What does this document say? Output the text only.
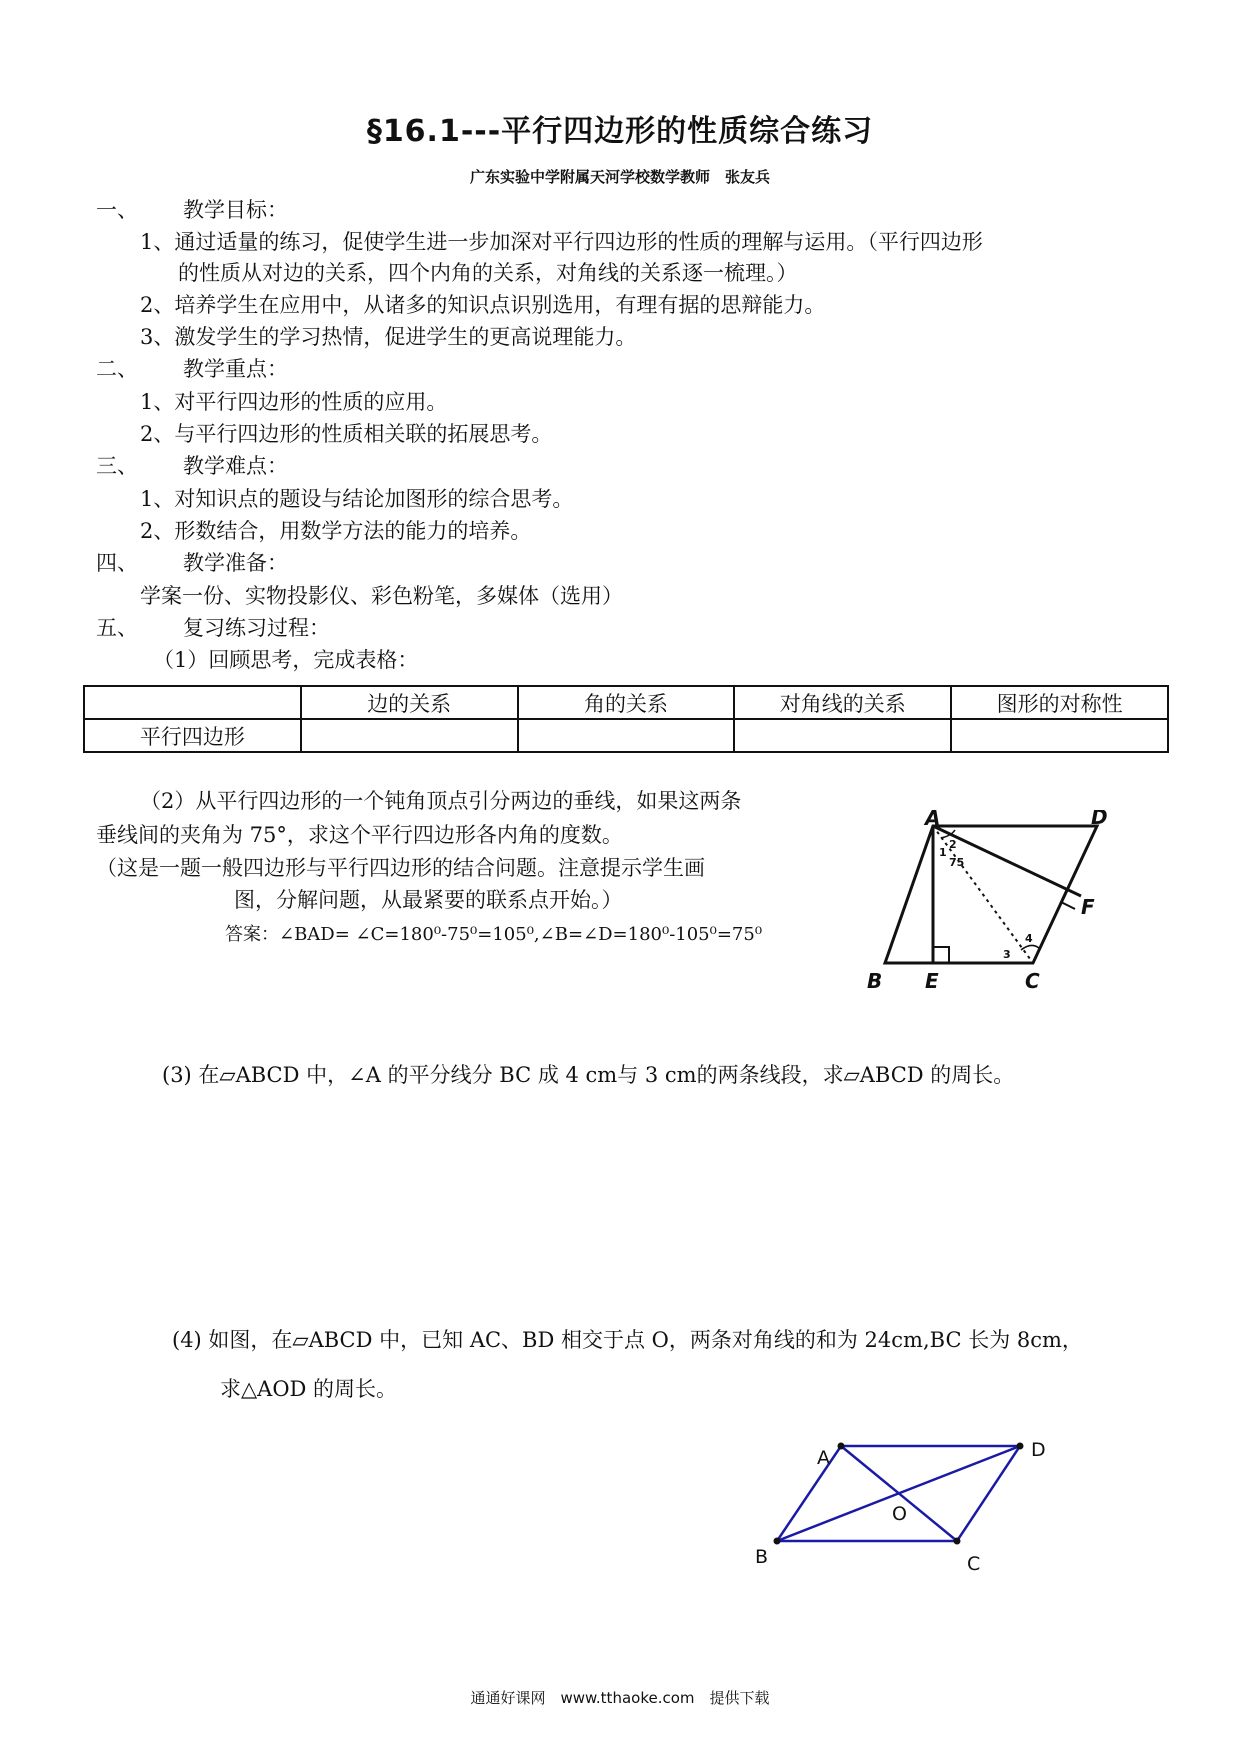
§16.1---平行四边形的性质综合练习
广东实验中学附属天河学校数学教师　张友兵
一、 教学目标：
1、通过适量的练习，促使学生进一步加深对平行四边形的性质的理解与运用。（平行四边形
的性质从对边的关系，四个内角的关系，对角线的关系逐一梳理。）
2、培养学生在应用中，从诸多的知识点识别选用，有理有据的思辩能力。
3、激发学生的学习热情，促进学生的更高说理能力。
二、 教学重点：
1、对平行四边形的性质的应用。
2、与平行四边形的性质相关联的拓展思考。
三、 教学难点：
1、对知识点的题设与结论加图形的综合思考。
2、形数结合，用数学方法的能力的培养。
四、 教学准备：
学案一份、实物投影仪、彩色粉笔，多媒体（选用）
五、 复习练习过程：
（1）回顾思考，完成表格：
	边的关系	角的关系	对角线的关系	图形的对称性
平行四边形				
（2）从平行四边形的一个钝角顶点引分两边的垂线，如果这两条
垂线间的夹角为 75°，求这个平行四边形各内角的度数。
（这是一题一般四边形与平行四边形的结合问题。注意提示学生画
图，分解问题，从最紧要的联系点开始。）
答案：∠BAD= ∠C=180⁰-75⁰=105⁰,∠B=∠D=180⁰-105⁰=75⁰
A	D
B E	C
F
1
2
3
4
75
(3) 在▱ABCD 中，∠A 的平分线分 BC 成 4 cm与 3 cm的两条线段，求▱ABCD 的周长。
(4) 如图，在▱ABCD 中，已知 AC、BD 相交于点 O，两条对角线的和为 24cm,BC 长为 8cm，
求△AOD 的周长。
A	D
B	C
O
通通好课网　www.tthaoke.com　提供下载
